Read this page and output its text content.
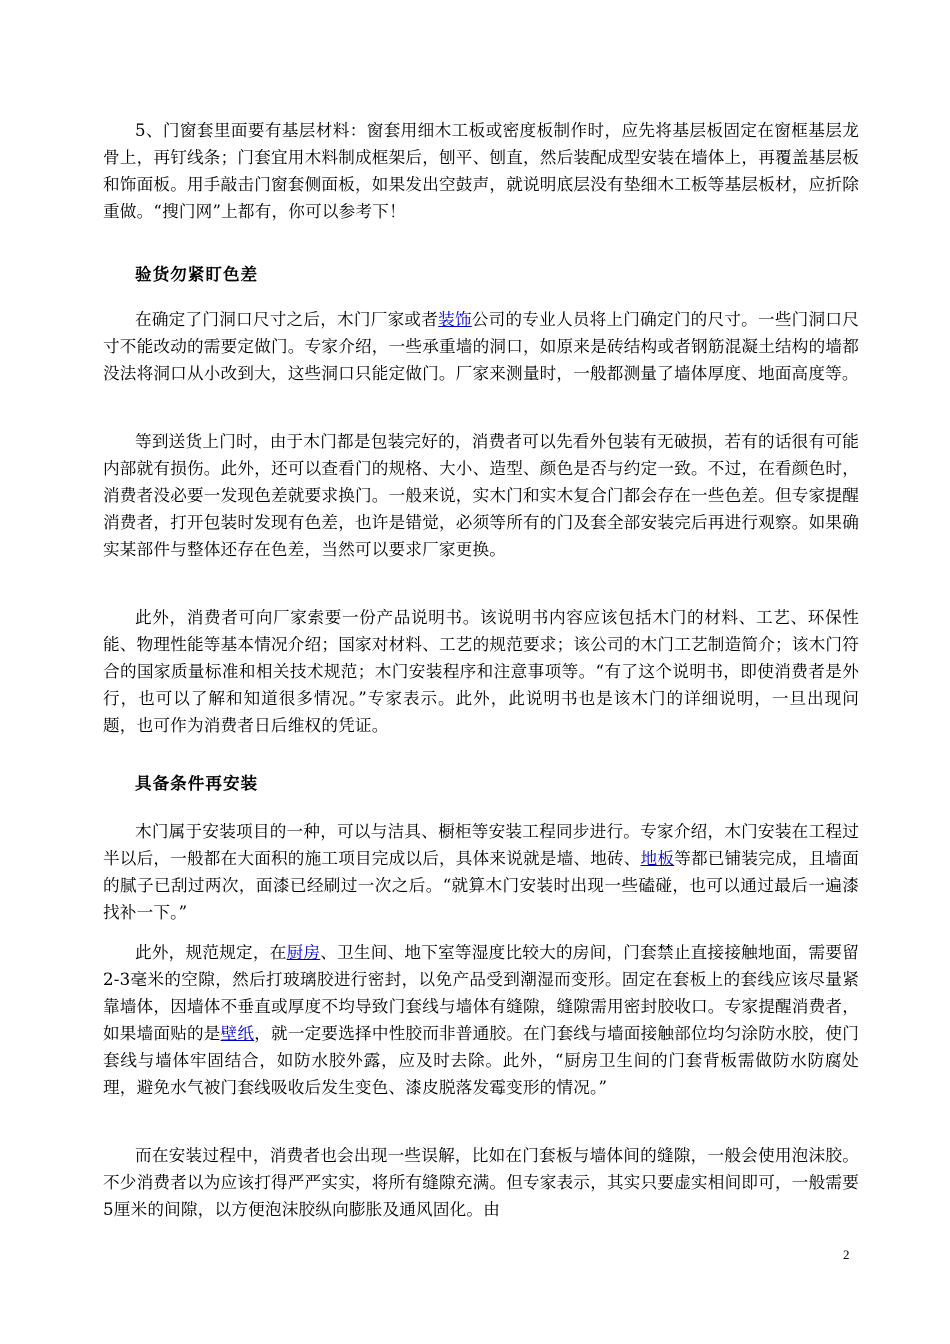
5、门窗套里面要有基层材料：窗套用细木工板或密度板制作时，应先将基层板固定在窗框基层龙骨上，再钉线条；门套宜用木料制成框架后，刨平、刨直，然后装配成型安装在墙体上，再覆盖基层板和饰面板。用手敲击门窗套侧面板，如果发出空鼓声，就说明底层没有垫细木工板等基层板材，应折除重做。“搜门网”上都有，你可以参考下！

验货勿紧盯色差

在确定了门洞口尺寸之后，木门厂家或者装饰公司的专业人员将上门确定门的尺寸。一些门洞口尺寸不能改动的需要定做门。专家介绍，一些承重墙的洞口，如原来是砖结构或者钢筋混凝土结构的墙都没法将洞口从小改到大，这些洞口只能定做门。厂家来测量时，一般都测量了墙体厚度、地面高度等。

等到送货上门时，由于木门都是包装完好的，消费者可以先看外包装有无破损，若有的话很有可能内部就有损伤。此外，还可以查看门的规格、大小、造型、颜色是否与约定一致。不过，在看颜色时，消费者没必要一发现色差就要求换门。一般来说，实木门和实木复合门都会存在一些色差。但专家提醒消费者，打开包装时发现有色差，也许是错觉，必须等所有的门及套全部安装完后再进行观察。如果确实某部件与整体还存在色差，当然可以要求厂家更换。

此外，消费者可向厂家索要一份产品说明书。该说明书内容应该包括木门的材料、工艺、环保性能、物理性能等基本情况介绍；国家对材料、工艺的规范要求；该公司的木门工艺制造简介；该木门符合的国家质量标准和相关技术规范；木门安装程序和注意事项等。“有了这个说明书，即使消费者是外行，也可以了解和知道很多情况。”专家表示。此外，此说明书也是该木门的详细说明，一旦出现问题，也可作为消费者日后维权的凭证。

具备条件再安装

木门属于安装项目的一种，可以与洁具、橱柜等安装工程同步进行。专家介绍，木门安装在工程过半以后，一般都在大面积的施工项目完成以后，具体来说就是墙、地砖、地板等都已铺装完成，且墙面的腻子已刮过两次，面漆已经刷过一次之后。“就算木门安装时出现一些磕碰，也可以通过最后一遍漆找补一下。”

此外，规范规定，在厨房、卫生间、地下室等湿度比较大的房间，门套禁止直接接触地面，需要留2-3毫米的空隙，然后打玻璃胶进行密封，以免产品受到潮湿而变形。固定在套板上的套线应该尽量紧靠墙体，因墙体不垂直或厚度不均导致门套线与墙体有缝隙，缝隙需用密封胶收口。专家提醒消费者，如果墙面贴的是壁纸，就一定要选择中性胶而非普通胶。在门套线与墙面接触部位均匀涂防水胶，使门套线与墙体牢固结合，如防水胶外露，应及时去除。此外，“厨房卫生间的门套背板需做防水防腐处理，避免水气被门套线吸收后发生变色、漆皮脱落发霉变形的情况。”

而在安装过程中，消费者也会出现一些误解，比如在门套板与墙体间的缝隙，一般会使用泡沫胶。不少消费者以为应该打得严严实实，将所有缝隙充满。但专家表示，其实只要虚实相间即可，一般需要5厘米的间隙，以方便泡沫胶纵向膨胀及通风固化。由

2
